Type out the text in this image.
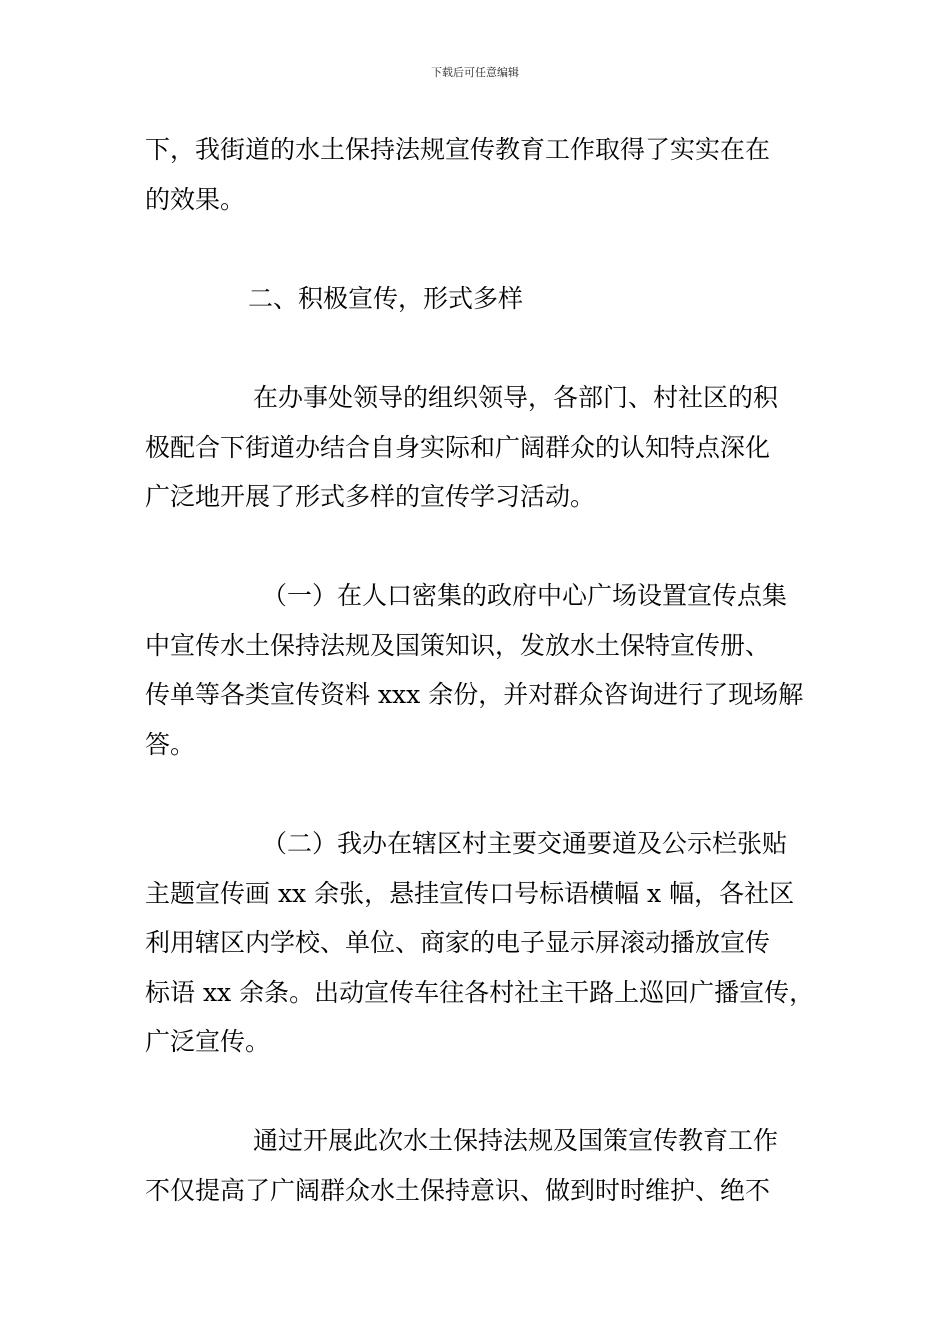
下载后可任意编辑
下，我街道的水土保持法规宣传教育工作取得了实实在在
的效果。
二、积极宣传，形式多样
在办事处领导的组织领导，各部门、村社区的积
极配合下街道办结合自身实际和广阔群众的认知特点深化
广泛地开展了形式多样的宣传学习活动。
（一）在人口密集的政府中心广场设置宣传点集
中宣传水土保持法规及国策知识，发放水土保特宣传册、
传单等各类宣传资料 xxx 余份，并对群众咨询进行了现场解
答。
（二）我办在辖区村主要交通要道及公示栏张贴
主题宣传画 xx 余张，悬挂宣传口号标语横幅 x 幅，各社区
利用辖区内学校、单位、商家的电子显示屏滚动播放宣传
标语 xx 余条。出动宣传车往各村社主干路上巡回广播宣传，
广泛宣传。
通过开展此次水土保持法规及国策宣传教育工作
不仅提高了广阔群众水土保持意识、做到时时维护、绝不
